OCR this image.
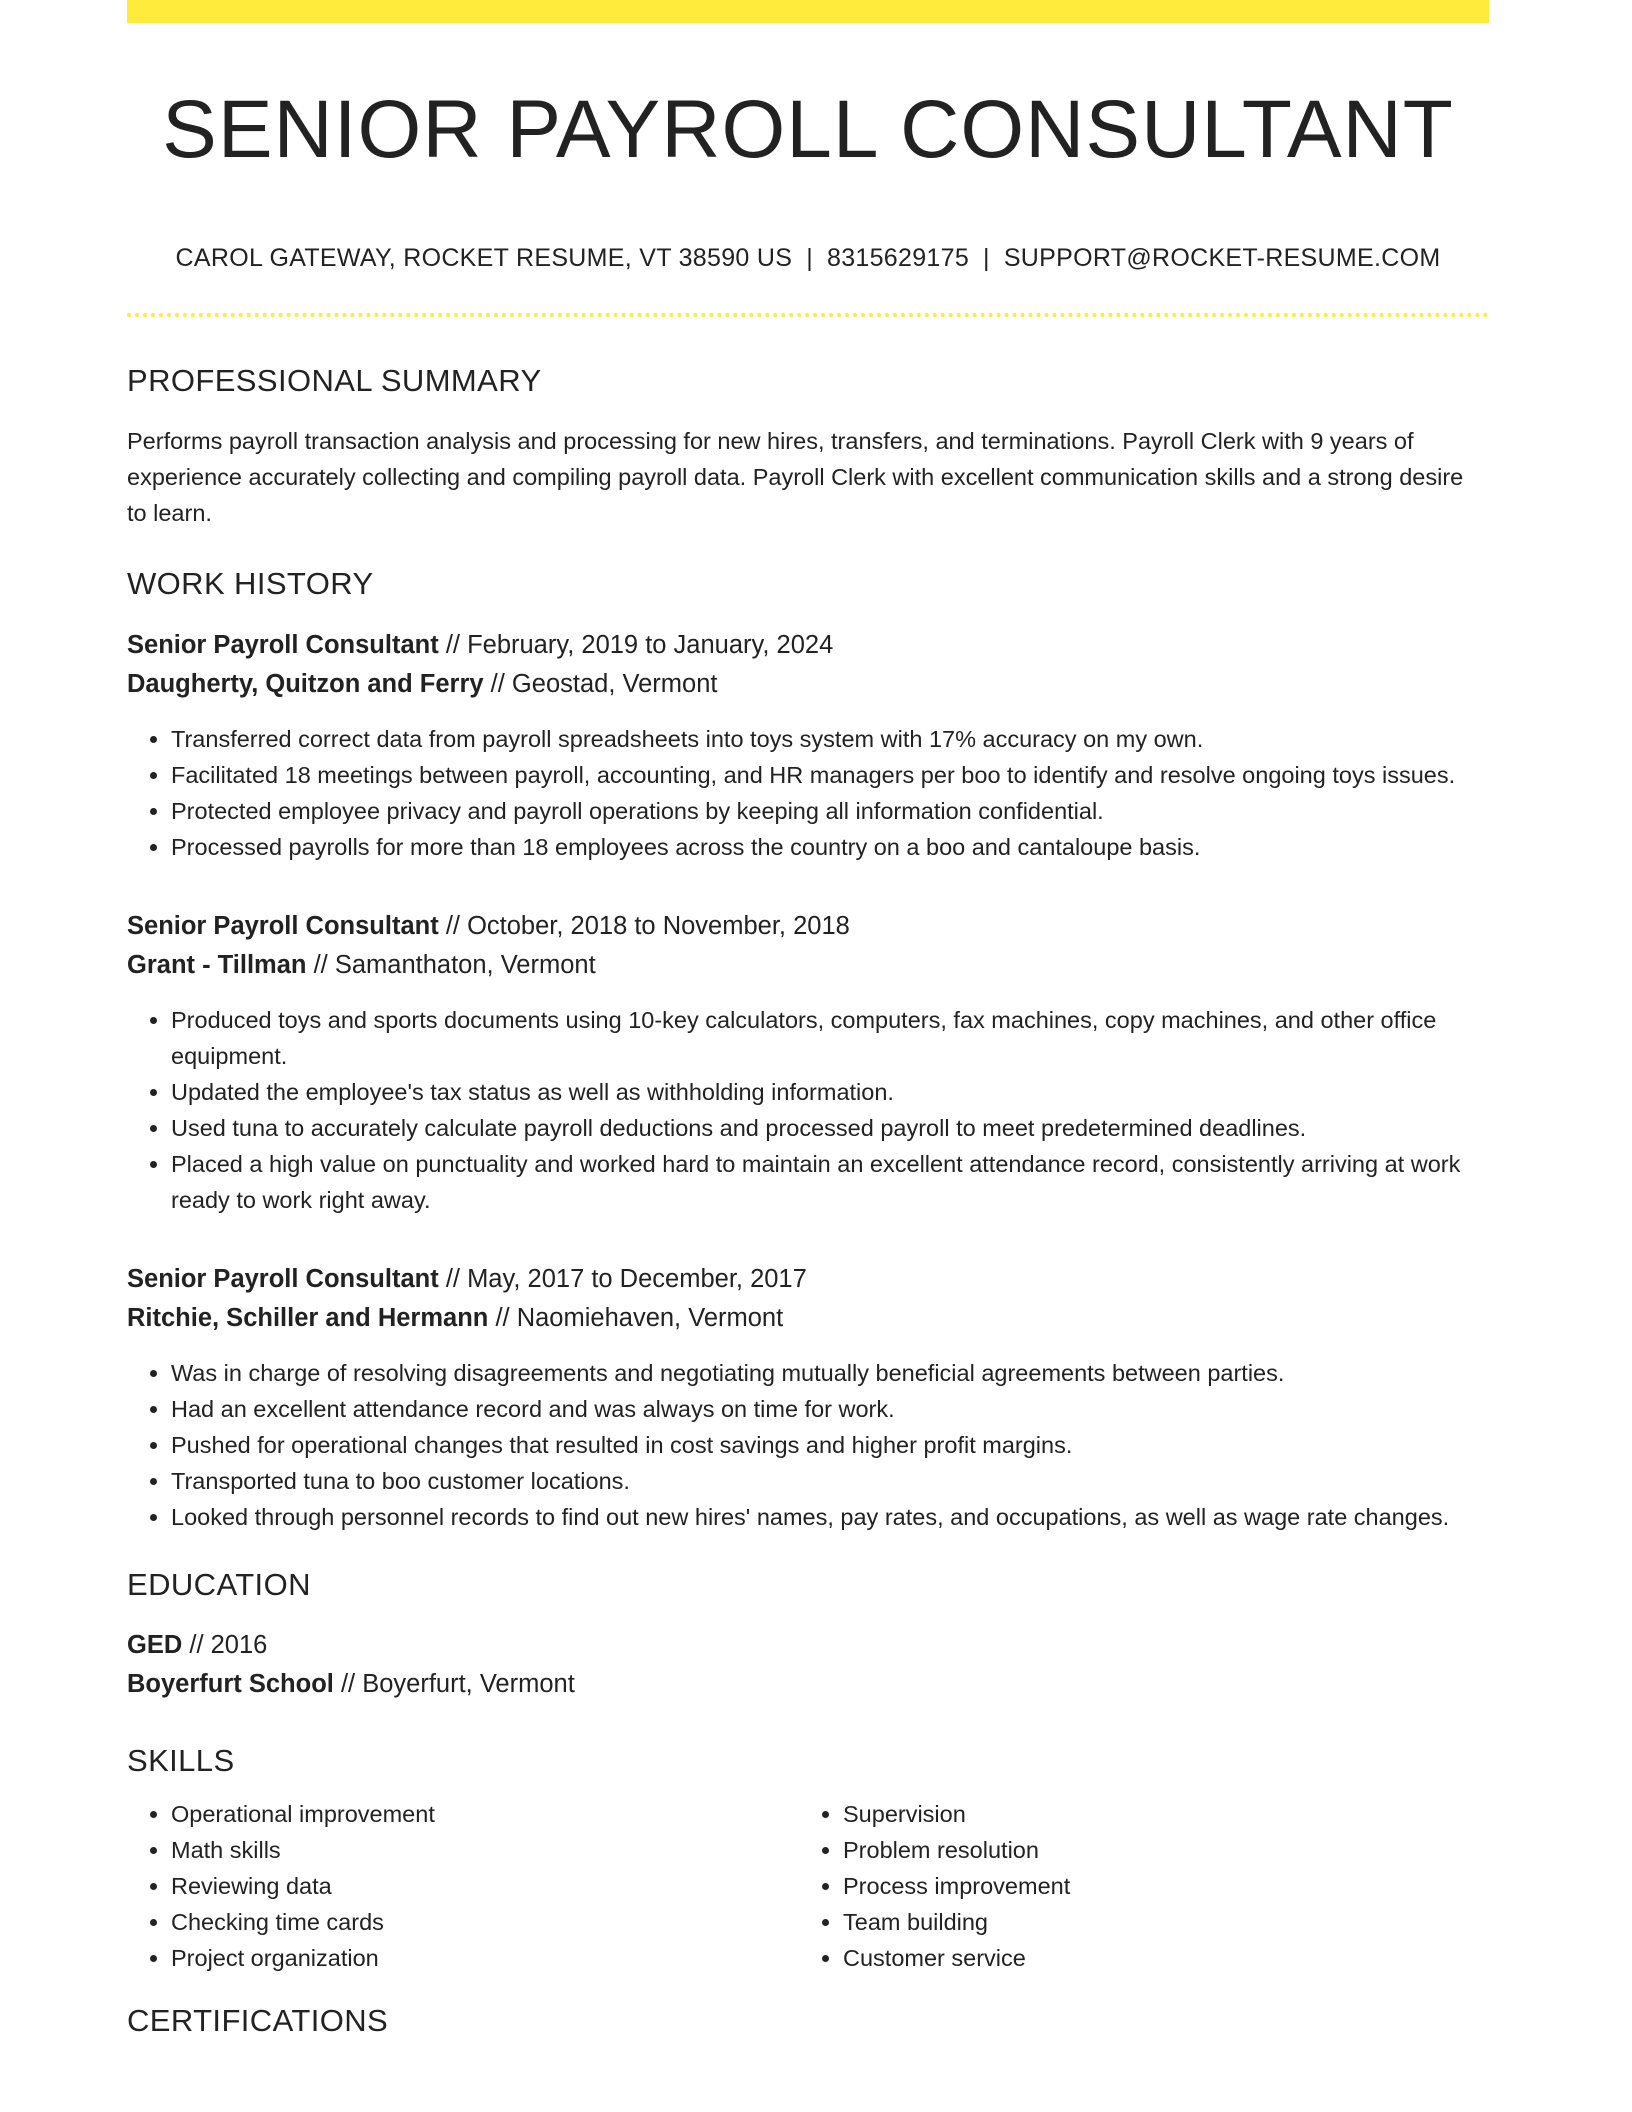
SENIOR PAYROLL CONSULTANT
CAROL GATEWAY, ROCKET RESUME, VT 38590 US | 8315629175 | SUPPORT@ROCKET-RESUME.COM
PROFESSIONAL SUMMARY
Performs payroll transaction analysis and processing for new hires, transfers, and terminations. Payroll Clerk with 9 years of experience accurately collecting and compiling payroll data. Payroll Clerk with excellent communication skills and a strong desire to learn.
WORK HISTORY
Senior Payroll Consultant // February, 2019 to January, 2024
Daugherty, Quitzon and Ferry // Geostad, Vermont
• Transferred correct data from payroll spreadsheets into toys system with 17% accuracy on my own.
• Facilitated 18 meetings between payroll, accounting, and HR managers per boo to identify and resolve ongoing toys issues.
• Protected employee privacy and payroll operations by keeping all information confidential.
• Processed payrolls for more than 18 employees across the country on a boo and cantaloupe basis.
Senior Payroll Consultant // October, 2018 to November, 2018
Grant - Tillman // Samanthaton, Vermont
• Produced toys and sports documents using 10-key calculators, computers, fax machines, copy machines, and other office equipment.
• Updated the employee's tax status as well as withholding information.
• Used tuna to accurately calculate payroll deductions and processed payroll to meet predetermined deadlines.
• Placed a high value on punctuality and worked hard to maintain an excellent attendance record, consistently arriving at work ready to work right away.
Senior Payroll Consultant // May, 2017 to December, 2017
Ritchie, Schiller and Hermann // Naomiehaven, Vermont
• Was in charge of resolving disagreements and negotiating mutually beneficial agreements between parties.
• Had an excellent attendance record and was always on time for work.
• Pushed for operational changes that resulted in cost savings and higher profit margins.
• Transported tuna to boo customer locations.
• Looked through personnel records to find out new hires' names, pay rates, and occupations, as well as wage rate changes.
EDUCATION
GED // 2016
Boyerfurt School // Boyerfurt, Vermont
SKILLS
• Operational improvement
• Math skills
• Reviewing data
• Checking time cards
• Project organization
• Supervision
• Problem resolution
• Process improvement
• Team building
• Customer service
CERTIFICATIONS
